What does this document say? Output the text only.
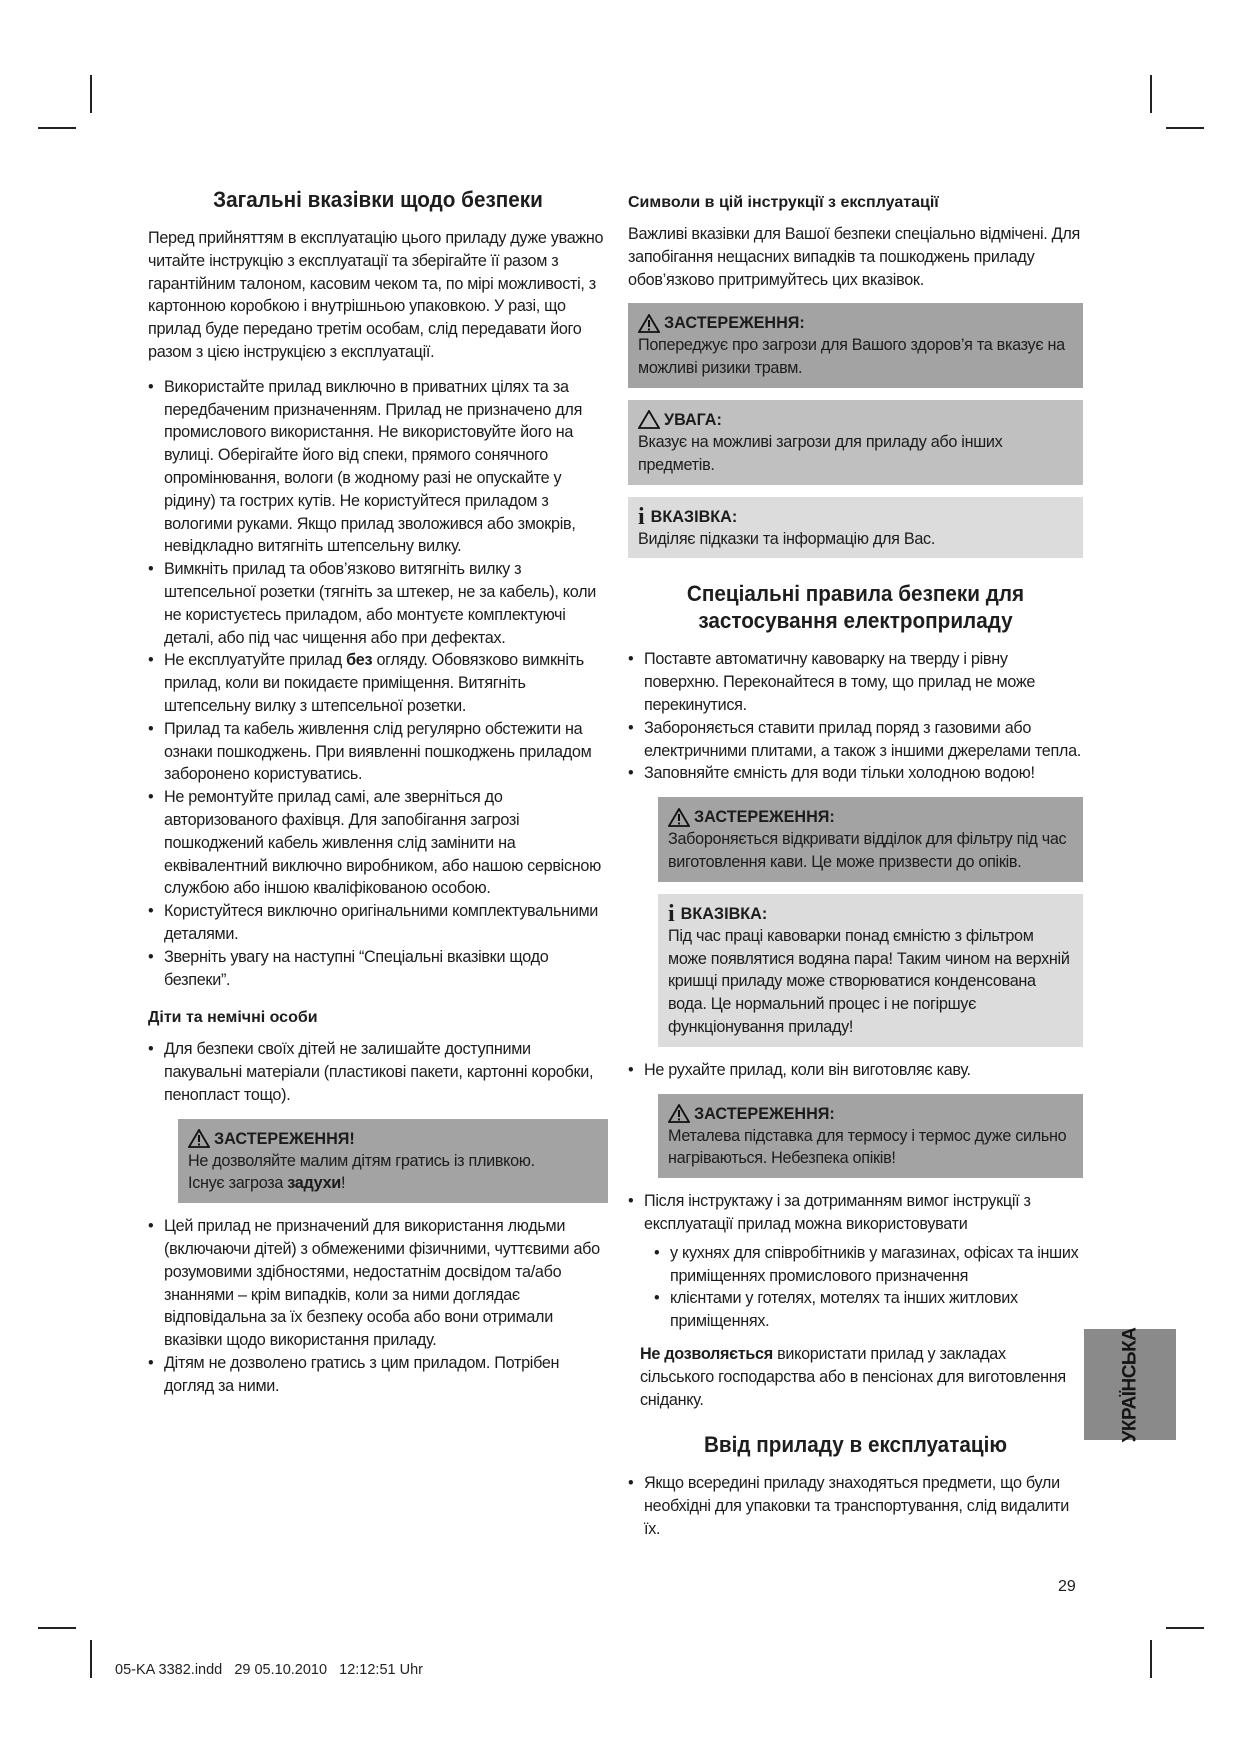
Загальні вказівки щодо безпеки

Перед прийняттям в експлуатацію цього приладу дуже уважно читайте інструкцію з експлуатації та зберігайте її разом з гарантійним талоном, касовим чеком та, по мірі можливості, з картонною коробкою і внутрішньою упаковкою. У разі, що прилад буде передано третім особам, слід передавати його разом з цією інструкцією з експлуатації.

• Використайте прилад виключно в приватних цілях та за передбаченим призначенням. Прилад не призначено для промислового використання. Не використовуйте його на вулиці. Оберігайте його від спеки, прямого сонячного опромінювання, вологи (в жодному разі не опускайте у рідину) та гострих кутів. Не користуйтеся приладом з вологими руками. Якщо прилад зволожився або змокрів, невідкладно витягніть штепсельну вилку.
• Вимкніть прилад та обов’язково витягніть вилку з штепсельної розетки (тягніть за штекер, не за кабель), коли не користуєтесь приладом, або монтуєте комплектуючі деталі, або під час чищення або при дефектах.
• Не експлуатуйте прилад без огляду. Обовязково вимкніть прилад, коли ви покидаєте приміщення. Витягніть штепсельну вилку з штепсельної розетки.
• Прилад та кабель живлення слід регулярно обстежити на ознаки пошкоджень. При виявленні пошкоджень приладом заборонено користуватись.
• Не ремонтуйте прилад самі, але зверніться до авторизованого фахівця. Для запобігання загрозі пошкоджений кабель живлення слід замінити на еквівалентний виключно виробником, або нашою сервісною службою або іншою кваліфікованою особою.
• Користуйтеся виключно оригінальними комплектувальними деталями.
• Зверніть увагу на наступні “Спеціальні вказівки щодо безпеки”.
Діти та немічні особи
• Для безпеки своїх дітей не залишайте доступними пакувальні матеріали (пластикові пакети, картонні коробки, пенопласт тощо).
ЗАСТЕРЕЖЕННЯ!
Не дозволяйте малим дітям гратись із пливкою.
Існує загроза задухи!
• Цей прилад не призначений для використання людьми (включаючи дітей) з обмеженими фізичними, чуттєвими або розумовими здібностями, недостатнім досвідом та/або знаннями – крім випадків, коли за ними доглядає відповідальна за їх безпеку особа або вони отримали вказівки щодо використання приладу.
• Дітям не дозволено гратись з цим приладом. Потрібен догляд за ними.
Символи в цій інструкції з експлуатації

Важливі вказівки для Вашої безпеки спеціально відмічені. Для запобігання нещасних випадків та пошкоджень приладу обов’язково притримуйтесь цих вказівок.

ЗАСТЕРЕЖЕННЯ:
Попереджує про загрози для Вашого здоров’я та вказує на можливі ризики травм.
УВАГА:
Вказує на можливі загрози для приладу або інших предметів.
i ВКАЗІВКА:
Виділяє підказки та інформацію для Вас.
Спеціальні правила безпеки для
застосування електроприладу
• Поставте автоматичну кавоварку на тверду і рівну поверхню. Переконайтеся в тому, що прилад не може перекинутися.
• Забороняється ставити прилад поряд з газовими або електричними плитами, а також з іншими джерелами тепла.
• Заповняйте ємність для води тільки холодною водою!
ЗАСТЕРЕЖЕННЯ:
Забороняється відкривати відділок для фільтру під час виготовлення кави. Це може призвести до опіків.
i ВКАЗІВКА:
Під час праці кавоварки понад ємністю з фільтром може появлятися водяна пара! Таким чином на верхній кришці приладу може створюватися конденсована вода. Це нормальний процес і не погіршує функціонування приладу!
• Не рухайте прилад, коли він виготовляє каву.
ЗАСТЕРЕЖЕННЯ:
Металева підставка для термосу і термос дуже сильно нагріваються. Небезпека опіків!
• Після інструктажу і за дотриманням вимог інструкції з експлуатації прилад можна використовувати
• у кухнях для співробітників у магазинах, офісах та інших приміщеннях промислового призначення
• клієнтами у готелях, мотелях та інших житлових приміщеннях.

Не дозволяється використати прилад у закладах сільського господарства або в пенсіонах для виготовлення сніданку.

Ввід приладу в експлуатацію
• Якщо всередині приладу знаходяться предмети, що були необхідні для упаковки та транспортування, слід видалити їх.
УКРАЇНСЬКА
29
05-KA 3382.indd   29 05.10.2010   12:12:51 Uhr
